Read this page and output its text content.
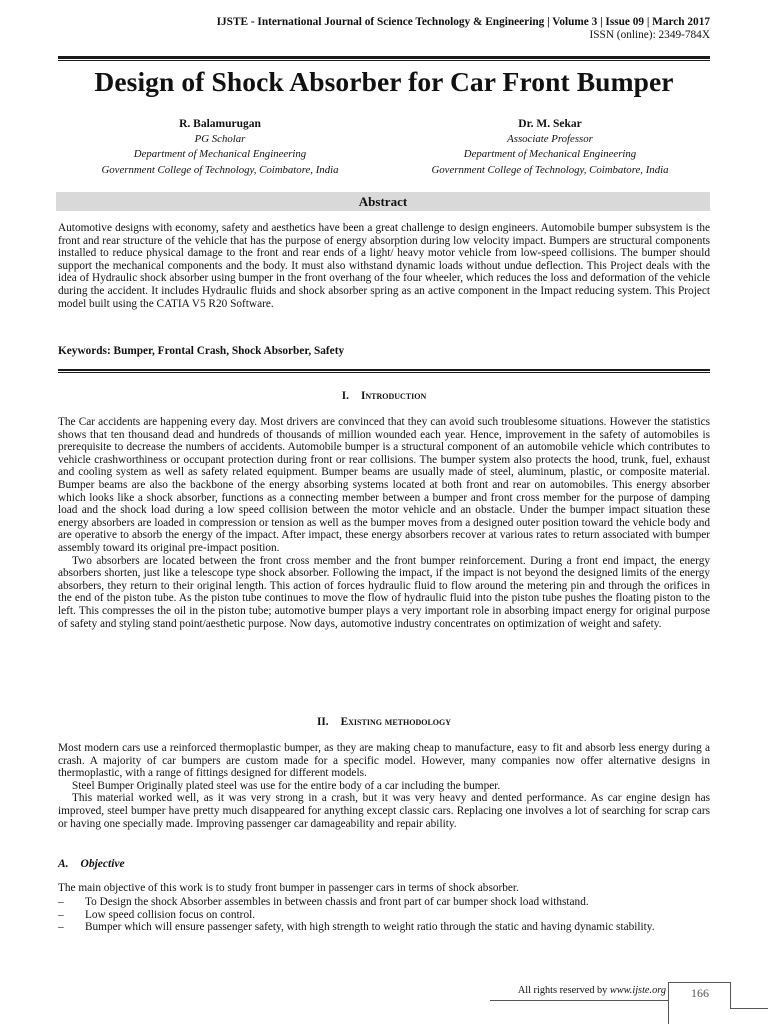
IJSTE - International Journal of Science Technology & Engineering | Volume 3 | Issue 09 | March 2017
ISSN (online): 2349-784X
Design of Shock Absorber for Car Front Bumper
R. Balamurugan
PG Scholar
Department of Mechanical Engineering
Government College of Technology, Coimbatore, India
Dr. M. Sekar
Associate Professor
Department of Mechanical Engineering
Government College of Technology, Coimbatore, India
Abstract
Automotive designs with economy, safety and aesthetics have been a great challenge to design engineers. Automobile bumper subsystem is the front and rear structure of the vehicle that has the purpose of energy absorption during low velocity impact. Bumpers are structural components installed to reduce physical damage to the front and rear ends of a light/ heavy motor vehicle from low-speed collisions. The bumper should support the mechanical components and the body. It must also withstand dynamic loads without undue deflection. This Project deals with the idea of Hydraulic shock absorber using bumper in the front overhang of the four wheeler, which reduces the loss and deformation of the vehicle during the accident. It includes Hydraulic fluids and shock absorber spring as an active component in the Impact reducing system. This Project model built using the CATIA V5 R20 Software.
Keywords: Bumper, Frontal Crash, Shock Absorber, Safety
I. Introduction

The Car accidents are happening every day. Most drivers are convinced that they can avoid such troublesome situations. However the statistics shows that ten thousand dead and hundreds of thousands of million wounded each year. Hence, improvement in the safety of automobiles is prerequisite to decrease the numbers of accidents. Automobile bumper is a structural component of an automobile vehicle which contributes to vehicle crashworthiness or occupant protection during front or rear collisions. The bumper system also protects the hood, trunk, fuel, exhaust and cooling system as well as safety related equipment. Bumper beams are usually made of steel, aluminum, plastic, or composite material. Bumper beams are also the backbone of the energy absorbing systems located at both front and rear on automobiles. This energy absorber which looks like a shock absorber, functions as a connecting member between a bumper and front cross member for the purpose of damping load and the shock load during a low speed collision between the motor vehicle and an obstacle. Under the bumper impact situation these energy absorbers are loaded in compression or tension as well as the bumper moves from a designed outer position toward the vehicle body and are operative to absorb the energy of the impact. After impact, these energy absorbers recover at various rates to return associated with bumper assembly toward its original pre-impact position.

Two absorbers are located between the front cross member and the front bumper reinforcement. During a front end impact, the energy absorbers shorten, just like a telescope type shock absorber. Following the impact, if the impact is not beyond the designed limits of the energy absorbers, they return to their original length. This action of forces hydraulic fluid to flow around the metering pin and through the orifices in the end of the piston tube. As the piston tube continues to move the flow of hydraulic fluid into the piston tube pushes the floating piston to the left. This compresses the oil in the piston tube; automotive bumper plays a very important role in absorbing impact energy for original purpose of safety and styling stand point/aesthetic purpose. Now days, automotive industry concentrates on optimization of weight and safety.

II. Existing methodology

Most modern cars use a reinforced thermoplastic bumper, as they are making cheap to manufacture, easy to fit and absorb less energy during a crash. A majority of car bumpers are custom made for a specific model. However, many companies now offer alternative designs in thermoplastic, with a range of fittings designed for different models.

Steel Bumper Originally plated steel was use for the entire body of a car including the bumper.

This material worked well, as it was very strong in a crash, but it was very heavy and dented performance. As car engine design has improved, steel bumper have pretty much disappeared for anything except classic cars. Replacing one involves a lot of searching for scrap cars or having one specially made. Improving passenger car damageability and repair ability.

A. Objective
The main objective of this work is to study front bumper in passenger cars in terms of shock absorber.
–	To Design the shock Absorber assembles in between chassis and front part of car bumper shock load withstand.
–	Low speed collision focus on control.
–	Bumper which will ensure passenger safety, with high strength to weight ratio through the static and having dynamic stability.
All rights reserved by www.ijste.org	166
